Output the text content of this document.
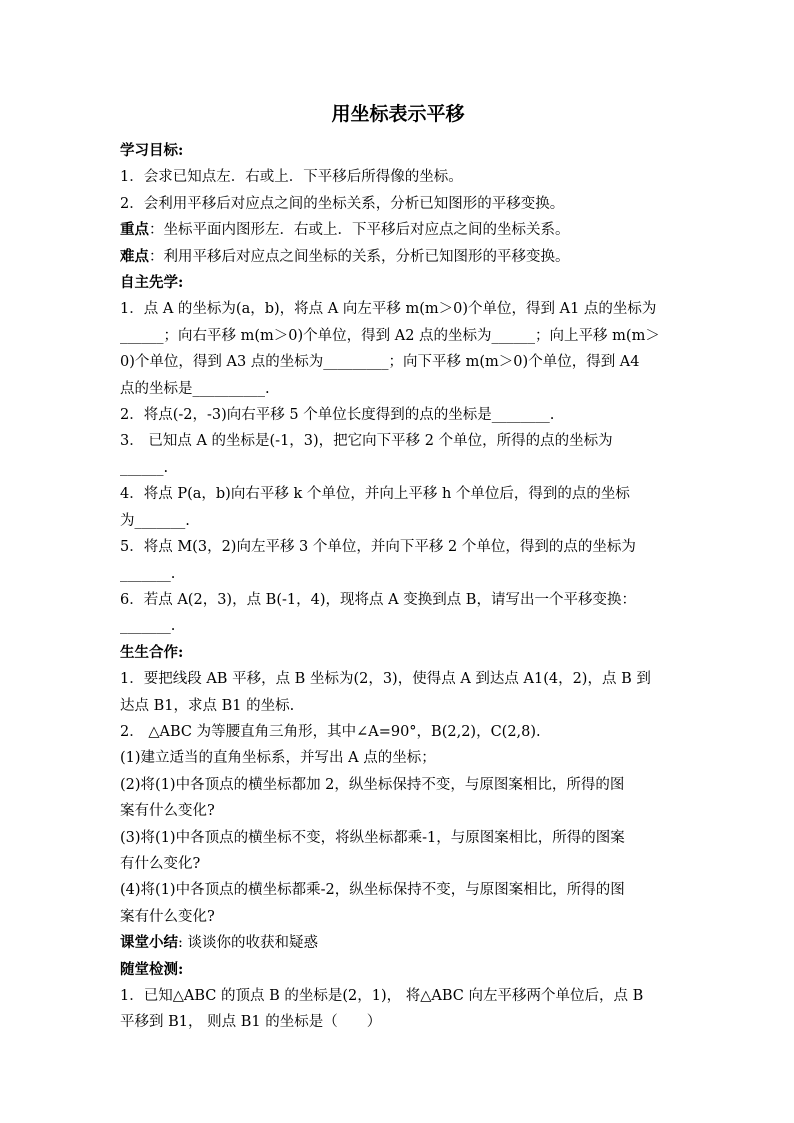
用坐标表示平移

学习目标:

1．会求已知点左．右或上．下平移后所得像的坐标。

2．会利用平移后对应点之间的坐标关系，分析已知图形的平移变换。

重点：坐标平面内图形左．右或上．下平移后对应点之间的坐标关系。

难点：利用平移后对应点之间坐标的关系，分析已知图形的平移变换。

自主先学:

1．点 A 的坐标为(a，b)，将点 A 向左平移 m(m＞0)个单位，得到 A1 点的坐标为

______；向右平移 m(m＞0)个单位，得到 A2 点的坐标为______；向上平移 m(m＞

0)个单位，得到 A3 点的坐标为_________；向下平移 m(m＞0)个单位，得到 A4

点的坐标是__________.

2．将点(-2，-3)向右平移 5 个单位长度得到的点的坐标是________.

3． 已知点 A 的坐标是(-1，3)，把它向下平移 2 个单位，所得的点的坐标为

______.

4．将点 P(a，b)向右平移 k 个单位，并向上平移 h 个单位后，得到的点的坐标

为_______.

5．将点 M(3，2)向左平移 3 个单位，并向下平移 2 个单位，得到的点的坐标为

_______.

6．若点 A(2，3)，点 B(-1，4)，现将点 A 变换到点 B，请写出一个平移变换：

_______.

生生合作:

1．要把线段 AB 平移，点 B 坐标为(2，3)，使得点 A 到达点 A1(4，2)，点 B 到

达点 B1，求点 B1 的坐标.

2． △ABC 为等腰直角三角形，其中∠A=90°，B(2,2)，C(2,8).

(1)建立适当的直角坐标系，并写出 A 点的坐标；

(2)将(1)中各顶点的横坐标都加 2，纵坐标保持不变，与原图案相比，所得的图

案有什么变化?

(3)将(1)中各顶点的横坐标不变，将纵坐标都乘-1，与原图案相比，所得的图案

有什么变化?

(4)将(1)中各顶点的横坐标都乘-2，纵坐标保持不变，与原图案相比，所得的图

案有什么变化?

课堂小结: 谈谈你的收获和疑惑

随堂检测:

1．已知△ABC 的顶点 B 的坐标是(2，1)， 将△ABC 向左平移两个单位后，点 B

平移到 B1， 则点 B1 的坐标是（　　）
